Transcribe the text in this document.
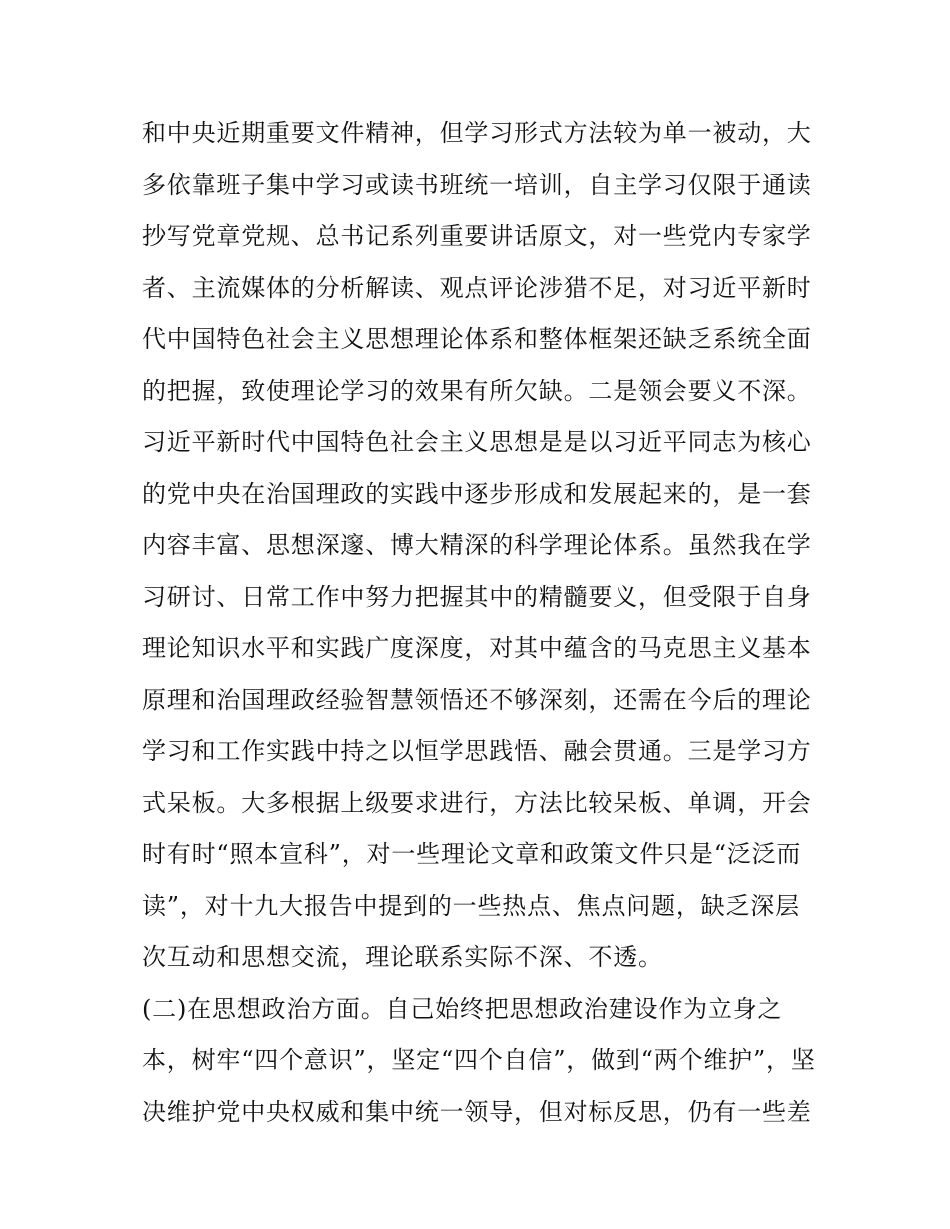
和中央近期重要文件精神，但学习形式方法较为单一被动，大
多依靠班子集中学习或读书班统一培训，自主学习仅限于通读
抄写党章党规、总书记系列重要讲话原文，对一些党内专家学
者、主流媒体的分析解读、观点评论涉猎不足，对习近平新时
代中国特色社会主义思想理论体系和整体框架还缺乏系统全面
的把握，致使理论学习的效果有所欠缺。二是领会要义不深。
习近平新时代中国特色社会主义思想是是以习近平同志为核心
的党中央在治国理政的实践中逐步形成和发展起来的，是一套
内容丰富、思想深邃、博大精深的科学理论体系。虽然我在学
习研讨、日常工作中努力把握其中的精髓要义，但受限于自身
理论知识水平和实践广度深度，对其中蕴含的马克思主义基本
原理和治国理政经验智慧领悟还不够深刻，还需在今后的理论
学习和工作实践中持之以恒学思践悟、融会贯通。三是学习方
式呆板。大多根据上级要求进行，方法比较呆板、单调，开会
时有时“照本宣科”，对一些理论文章和政策文件只是“泛泛而
读”，对十九大报告中提到的一些热点、焦点问题，缺乏深层
次互动和思想交流，理论联系实际不深、不透。
(二)在思想政治方面。自己始终把思想政治建设作为立身之
本，树牢“四个意识”，坚定“四个自信”，做到“两个维护”，坚
决维护党中央权威和集中统一领导，但对标反思，仍有一些差
